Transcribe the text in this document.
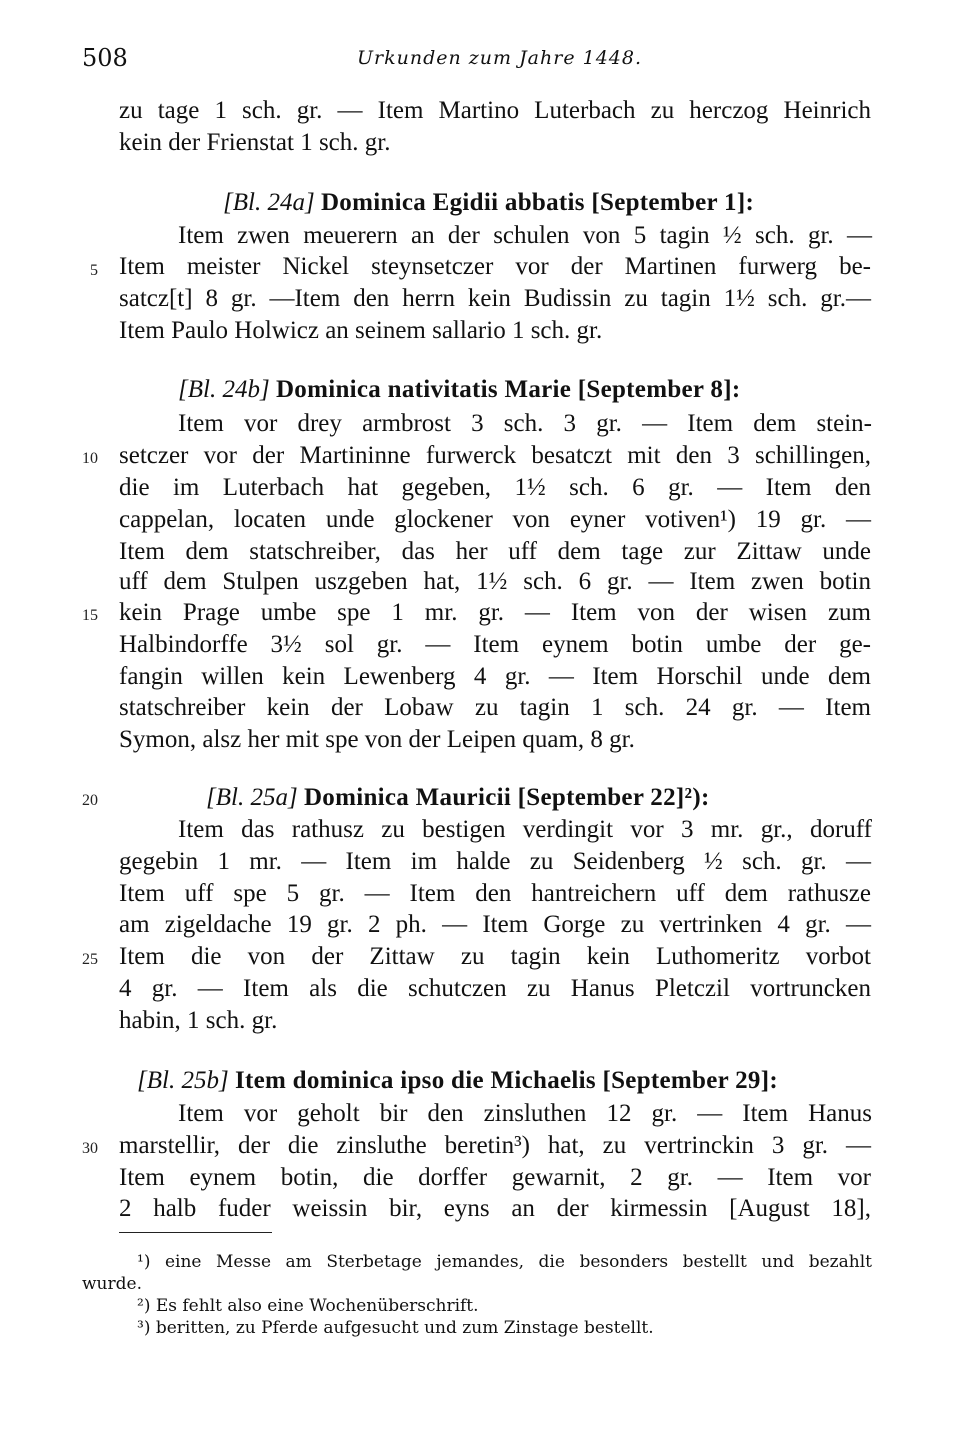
508	Urkunden zum Jahre 1448.
zu tage 1 sch. gr. — Item Martino Luterbach zu herczog Heinrich
kein der Frienstat 1 sch. gr.
[Bl. 24a] Dominica Egidii abbatis [September 1]:
Item zwen meuerern an der schulen von 5 tagin ½ sch. gr. —
5 Item meister Nickel steynsetczer vor der Martinen furwerg be-
satcz[t] 8 gr. —Item den herrn kein Budissin zu tagin 1½ sch. gr.—
Item Paulo Holwicz an seinem sallario 1 sch. gr.
[Bl. 24b] Dominica nativitatis Marie [September 8]:
Item vor drey armbrost 3 sch. 3 gr. — Item dem stein-
10 setczer vor der Martininne furwerck besatczt mit den 3 schillingen,
die im Luterbach hat gegeben, 1½ sch. 6 gr. — Item den
cappelan, locaten unde glockener von eyner votiven¹) 19 gr. —
Item dem statschreiber, das her uff dem tage zur Zittaw unde
uff dem Stulpen uszgeben hat, 1½ sch. 6 gr. — Item zwen botin
15 kein Prage umbe spe 1 mr. gr. — Item von der wisen zum
Halbindorffe 3½ sol gr. — Item eynem botin umbe der ge-
fangin willen kein Lewenberg 4 gr. — Item Horschil unde dem
statschreiber kein der Lobaw zu tagin 1 sch. 24 gr. — Item
Symon, alsz her mit spe von der Leipen quam, 8 gr.
20	[Bl. 25a] Dominica Mauricii [September 22]²):
Item das rathusz zu bestigen verdingit vor 3 mr. gr., doruff
gegebin 1 mr. — Item im halde zu Seidenberg ½ sch. gr. —
Item uff spe 5 gr. — Item den hantreichern uff dem rathusze
am zigeldache 19 gr. 2 ph. — Item Gorge zu vertrinken 4 gr. —
25 Item die von der Zittaw zu tagin kein Luthomeritz vorbot
4 gr. — Item als die schutczen zu Hanus Pletczil vortruncken
habin, 1 sch. gr.
[Bl. 25b] Item dominica ipso die Michaelis [September 29]:
Item vor geholt bir den zinsluthen 12 gr. — Item Hanus
30 marstellir, der die zinsluthe beretin³) hat, zu vertrinckin 3 gr. —
Item eynem botin, die dorffer gewarnit, 2 gr. — Item vor
2 halb fuder weissin bir, eyns an der kirmessin [August 18],
¹) eine Messe am Sterbetage jemandes, die besonders bestellt und bezahlt
wurde.
²) Es fehlt also eine Wochenüberschrift.
³) beritten, zu Pferde aufgesucht und zum Zinstage bestellt.
